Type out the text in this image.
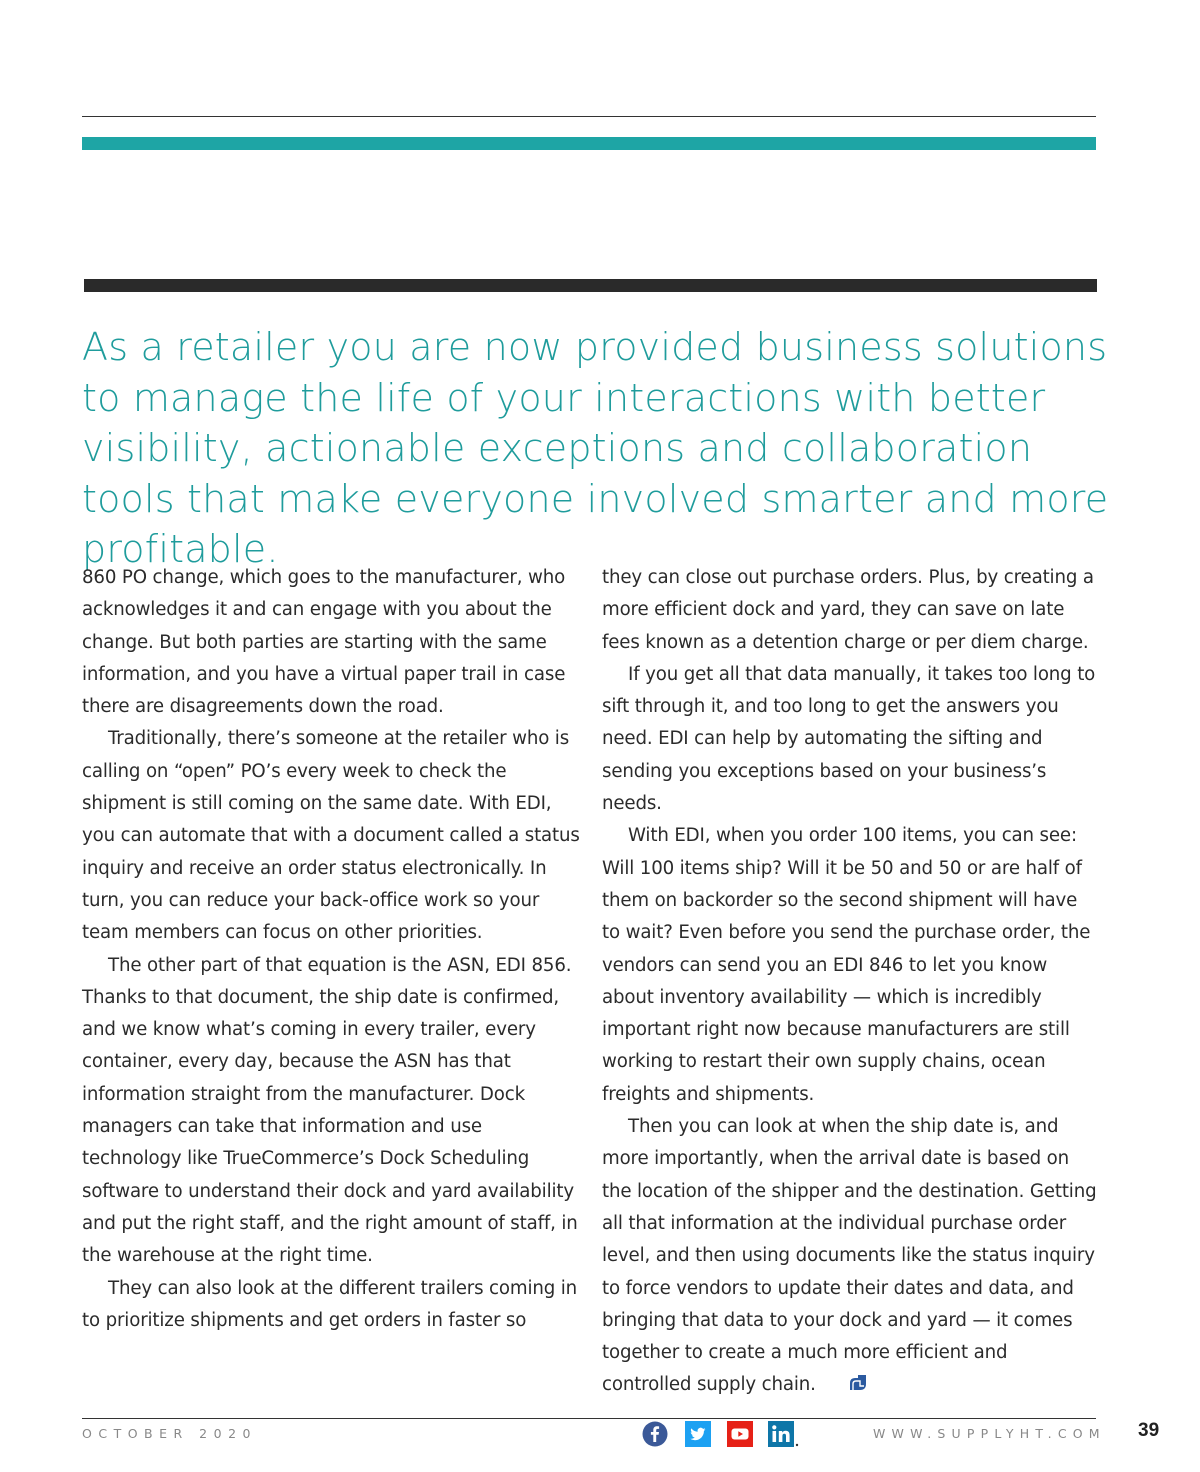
As a retailer you are now provided business solutions to manage the life of your interactions with better visibility, actionable exceptions and collaboration tools that make everyone involved smarter and more profitable.

860 PO change, which goes to the manufacturer, who acknowledges it and can engage with you about the change. But both parties are starting with the same information, and you have a virtual paper trail in case there are disagreements down the road.

Traditionally, there’s someone at the retailer who is calling on “open” PO’s every week to check the shipment is still coming on the same date. With EDI, you can automate that with a document called a status inquiry and receive an order status electronically. In turn, you can reduce your back-office work so your team members can focus on other priorities.

The other part of that equation is the ASN, EDI 856. Thanks to that document, the ship date is confirmed, and we know what’s coming in every trailer, every container, every day, because the ASN has that information straight from the manufacturer. Dock managers can take that information and use technology like TrueCommerce’s Dock Scheduling software to understand their dock and yard availability and put the right staff, and the right amount of staff, in the warehouse at the right time.

They can also look at the different trailers coming in to prioritize shipments and get orders in faster so

they can close out purchase orders. Plus, by creating a more efficient dock and yard, they can save on late fees known as a detention charge or per diem charge.

If you get all that data manually, it takes too long to sift through it, and too long to get the answers you need. EDI can help by automating the sifting and sending you exceptions based on your business’s needs.

With EDI, when you order 100 items, you can see: Will 100 items ship? Will it be 50 and 50 or are half of them on backorder so the second shipment will have to wait? Even before you send the purchase order, the vendors can send you an EDI 846 to let you know about inventory availability — which is incredibly important right now because manufacturers are still working to restart their own supply chains, ocean freights and shipments.

Then you can look at when the ship date is, and more importantly, when the arrival date is based on the location of the shipper and the destination. Getting all that information at the individual purchase order level, and then using documents like the status inquiry to force vendors to update their dates and data, and bringing that data to your dock and yard — it comes together to create a much more efficient and controlled supply chain.

OCTOBER 2020	WWW.SUPPLYHT.COM 39
